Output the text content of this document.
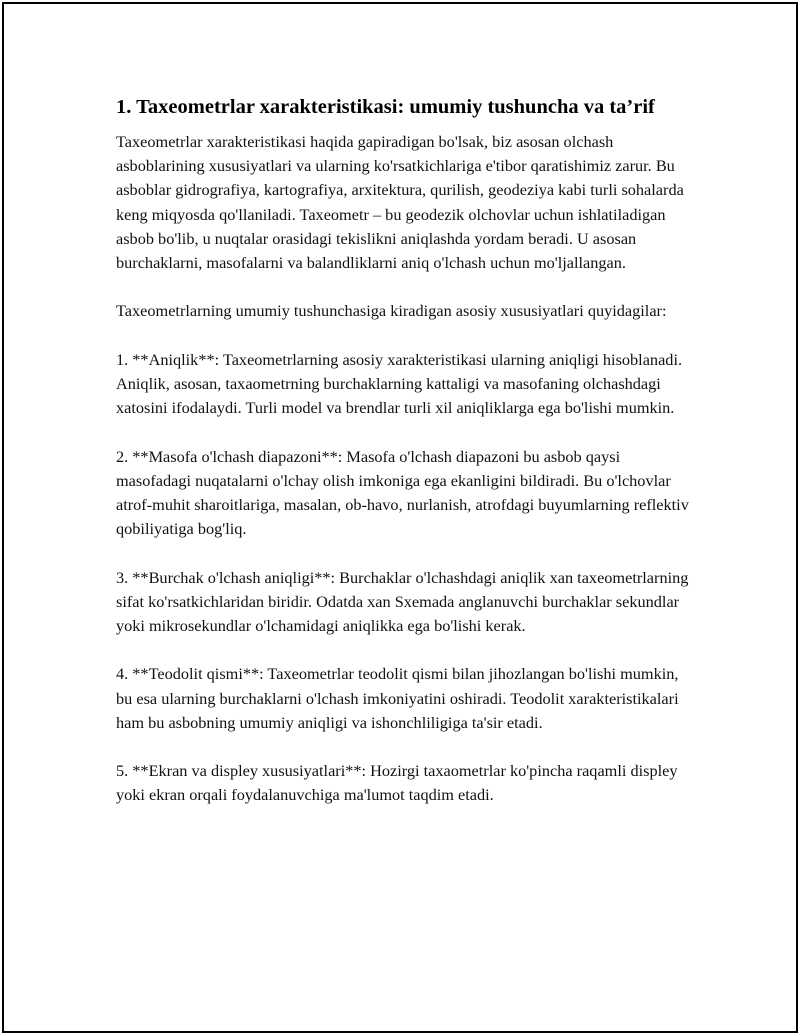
1. Taxeometrlar xarakteristikasi: umumiy tushuncha va ta’rif

Taxeometrlar xarakteristikasi haqida gapiradigan bo'lsak, biz asosan olchash asboblarining xususiyatlari va ularning ko'rsatkichlariga e'tibor qaratishimiz zarur. Bu asboblar gidrografiya, kartografiya, arxitektura, qurilish, geodeziya kabi turli sohalarda keng miqyosda qo'llaniladi. Taxeometr – bu geodezik olchovlar uchun ishlatiladigan asbob bo'lib, u nuqtalar orasidagi tekislikni aniqlashda yordam beradi. U asosan burchaklarni, masofalarni va balandliklarni aniq o'lchash uchun mo'ljallangan.

Taxeometrlarning umumiy tushunchasiga kiradigan asosiy xususiyatlari quyidagilar:

1. **Aniqlik**: Taxeometrlarning asosiy xarakteristikasi ularning aniqligi hisoblanadi. Aniqlik, asosan, taxaometrning burchaklarning kattaligi va masofaning olchashdagi xatosini ifodalaydi. Turli model va brendlar turli xil aniqliklarga ega bo'lishi mumkin.

2. **Masofa o'lchash diapazoni**: Masofa o'lchash diapazoni bu asbob qaysi masofadagi nuqatalarni o'lchay olish imkoniga ega ekanligini bildiradi. Bu o'lchovlar atrof-muhit sharoitlariga, masalan, ob-havo, nurlanish, atrofdagi buyumlarning reflektiv qobiliyatiga bog'liq.

3. **Burchak o'lchash aniqligi**: Burchaklar o'lchashdagi aniqlik xan taxeometrlarning sifat ko'rsatkichlaridan biridir. Odatda xan Sxemada anglanuvchi burchaklar sekundlar yoki mikrosekundlar o'lchamidagi aniqlikka ega bo'lishi kerak.

4. **Teodolit qismi**: Taxeometrlar teodolit qismi bilan jihozlangan bo'lishi mumkin, bu esa ularning burchaklarni o'lchash imkoniyatini oshiradi. Teodolit xarakteristikalari ham bu asbobning umumiy aniqligi va ishonchliligiga ta'sir etadi.

5. **Ekran va displey xususiyatlari**: Hozirgi taxaometrlar ko'pincha raqamli displey yoki ekran orqali foydalanuvchiga ma'lumot taqdim etadi.
